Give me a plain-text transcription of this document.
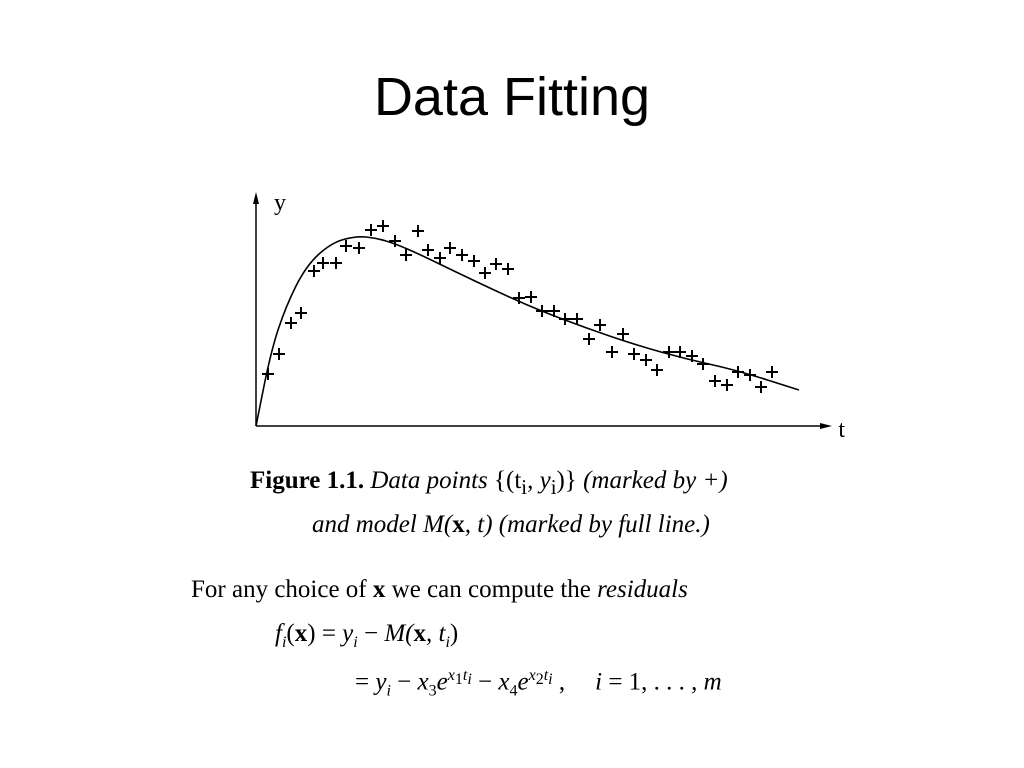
Data Fitting
y
t
Figure 1.1. Data points {($t_i$, $y_i$)} (marked by +)
and model M(x, t) (marked by full line.)
For any choice of x we can compute the residuals
$f_i(x) = y_i - M(x$, $t_i$)
= $y_i - x_3e^{x_1t_i} - x_4e^{x_2t_i}$ , i = 1, . . . , m
